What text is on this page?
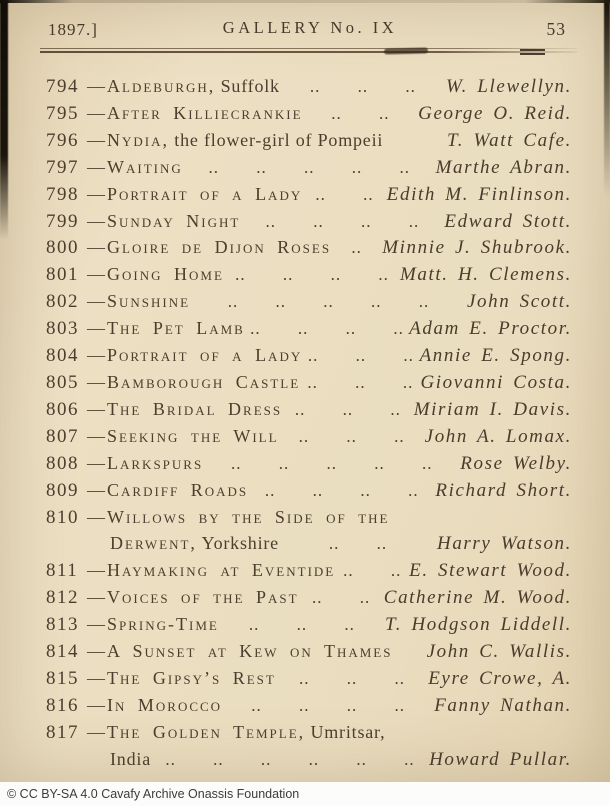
1897.]	GALLERY No. IX	53
794 — Aldeburgh, Suffolk	.. .. ..	W. Llewellyn.
795 — After Killiecrankie	.. ..	George O. Reid.
796 — Nydia, the flower-girl of Pompeii	T. Watt Cafe.
797 — Waiting	.. .. .. .. ..	Marthe Abran.
798 — Portrait of a Lady .. .. Edith M. Finlinson.
799 — Sunday Night	.. .. .. ..	Edward Stott.
800 — Gloire de Dijon Roses	..	Minnie J. Shubrook.
801 — Going Home .. .. .. .. Matt. H. Clemens.
802 — Sunshine	.. .. .. .. ..	John Scott.
803 — The Pet Lamb .. .. .. .. Adam E. Proctor.
804 — Portrait of a Lady .. .. .. Annie E. Spong.
805 — Bamborough Castle .. .. .. Giovanni Costa.
806 — The Bridal Dress .. .. .. Miriam I. Davis.
807 — Seeking the Will	.. .. ..	John A. Lomax.
808 — Larkspurs	.. .. .. .. ..	Rose Welby.
809 — Cardiff Roads .. .. .. .. Richard Short.
810 — Willows by the Side of the
Derwent, Yorkshire	.. ..	Harry Watson.
811 — Haymaking at Eventide .. .. E. Stewart Wood.
812 — Voices of the Past .. .. Catherine M. Wood.
813 — Spring-Time	.. .. ..	T. Hodgson Liddell.
814 — A Sunset at Kew on Thames John C. Wallis.
815 — The Gipsy’s Rest	.. .. ..	Eyre Crowe, A.
816 — In Morocco	.. .. .. ..	Fanny Nathan.
817 — The Golden Temple, Umritsar,
India .. .. .. .. .. .. Howard Pullar.
© CC BY-SA 4.0 Cavafy Archive Onassis Foundation
